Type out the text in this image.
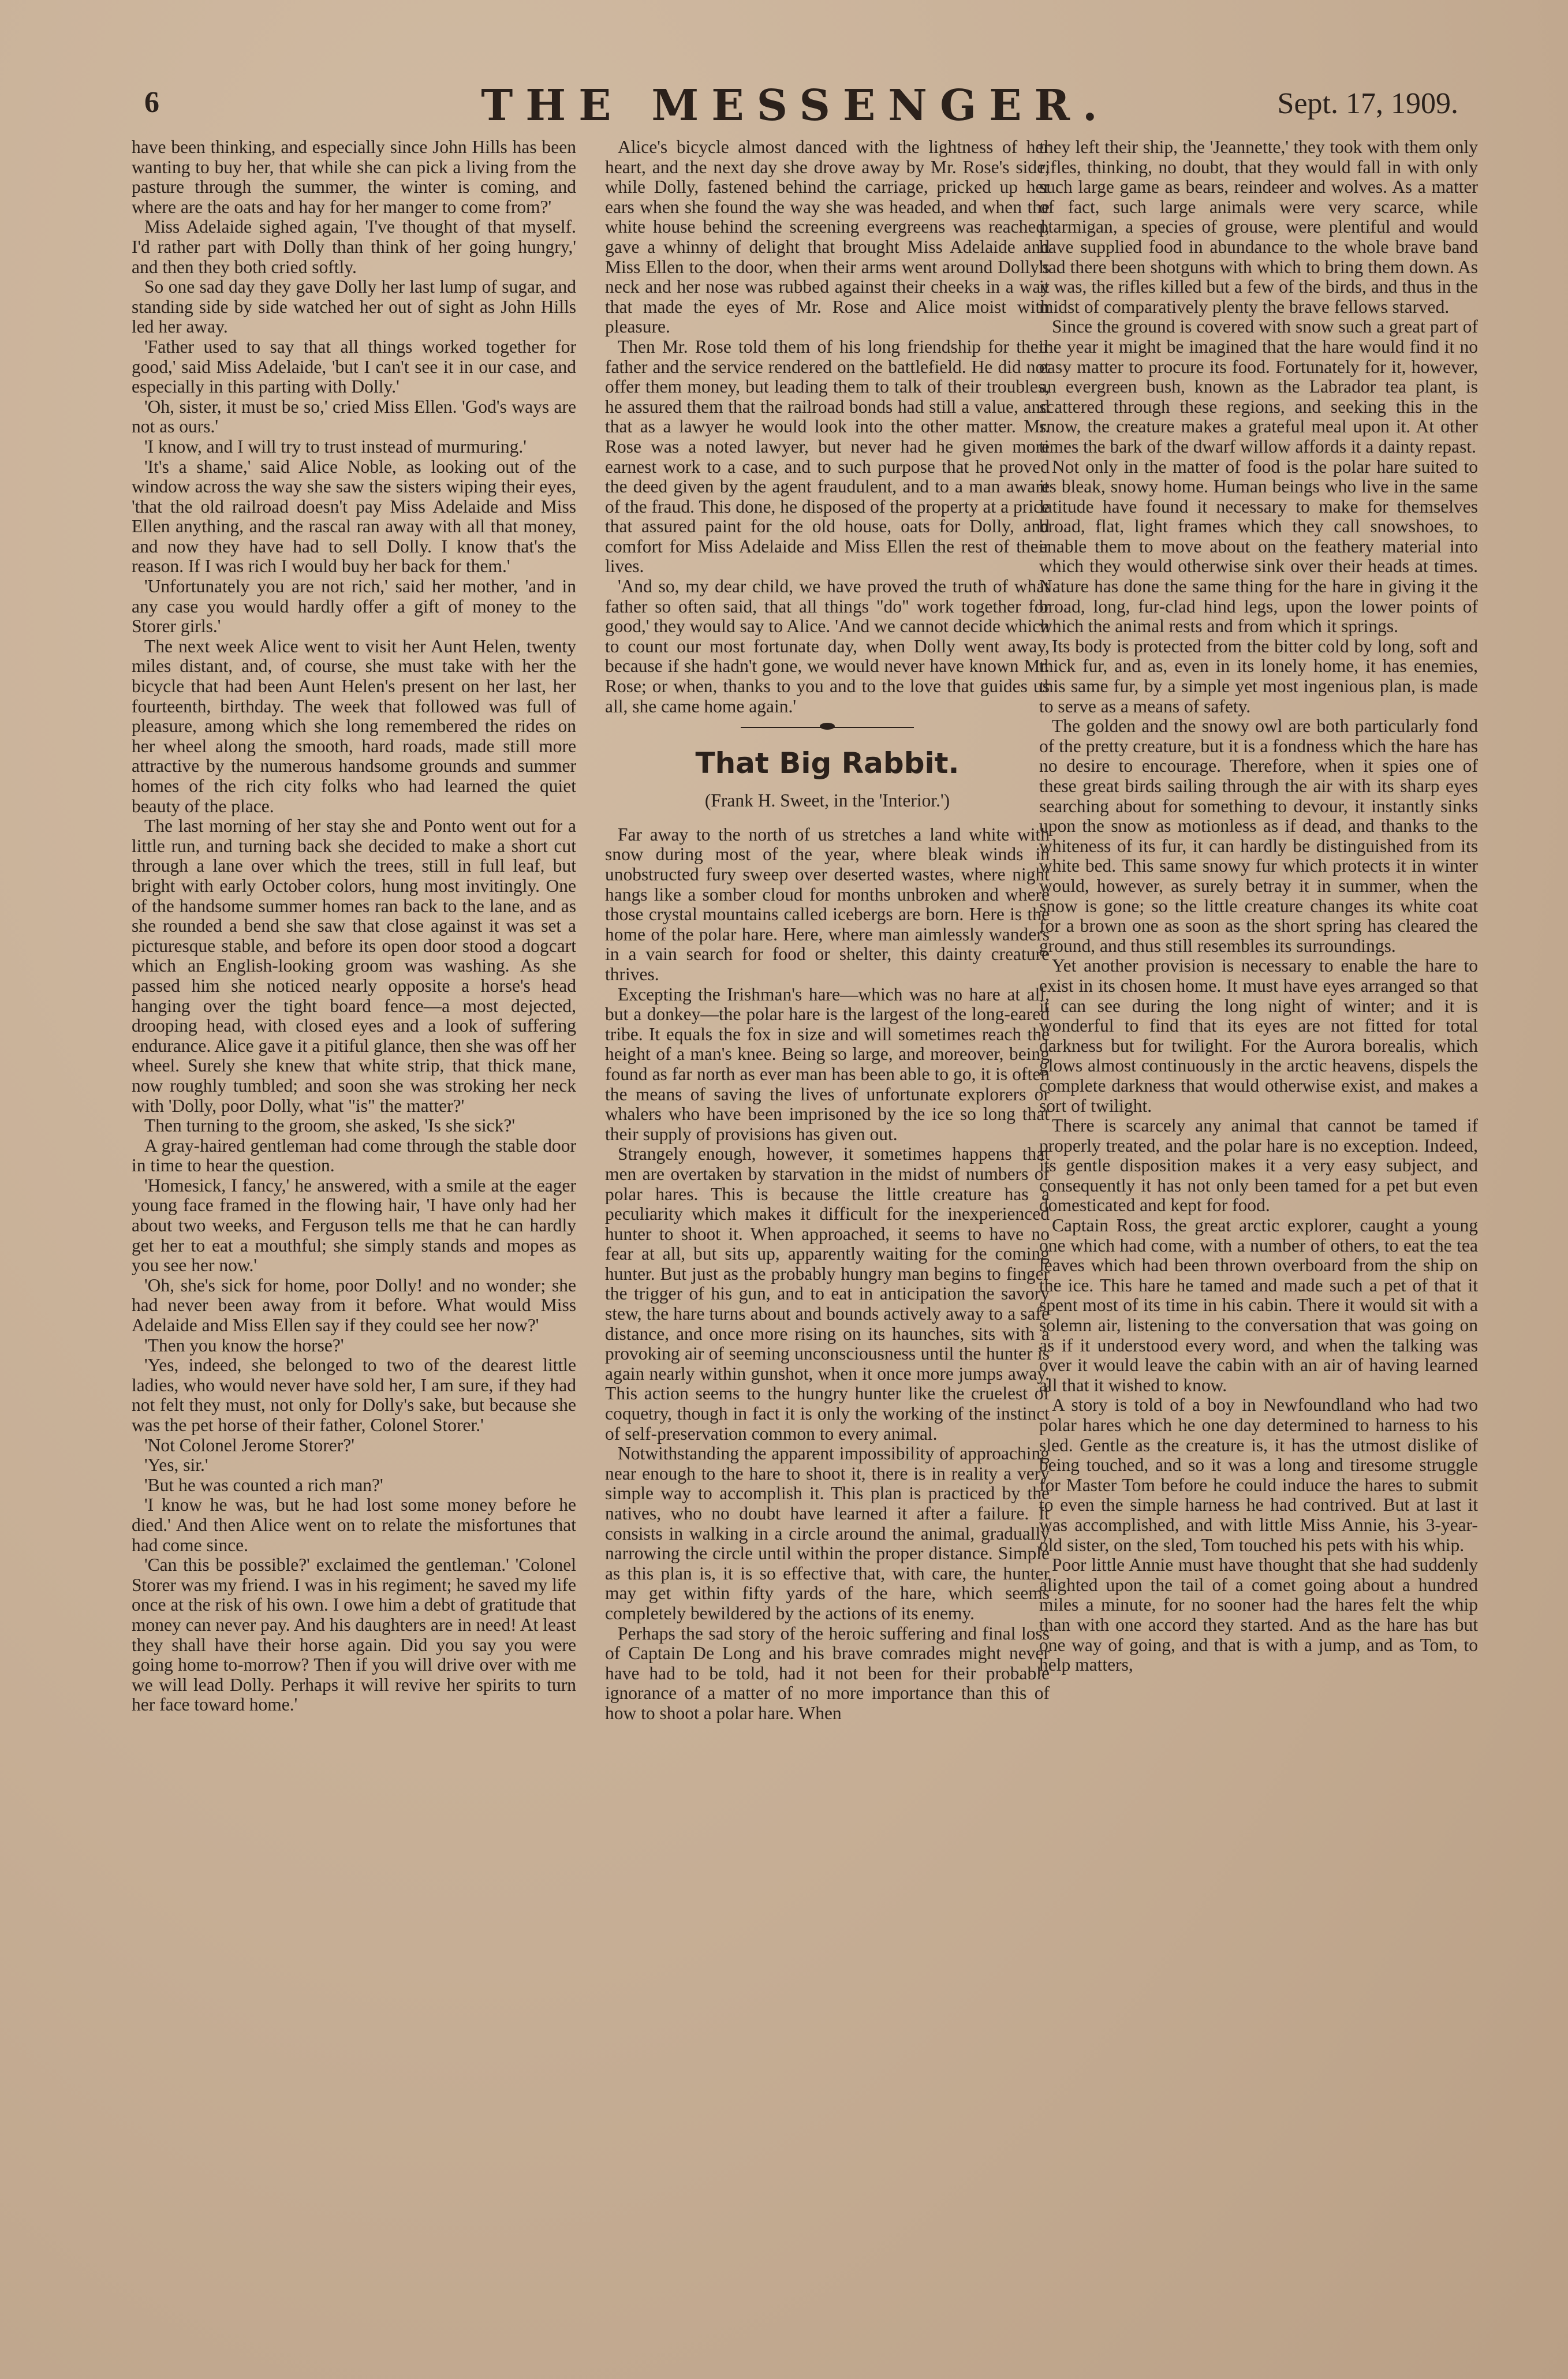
6	THE MESSENGER.	Sept. 17, 1909.

have been thinking, and especially since John Hills has been wanting to buy her, that while she can pick a living from the pasture through the summer, the winter is coming, and where are the oats and hay for her manger to come from?'

Miss Adelaide sighed again, 'I've thought of that myself. I'd rather part with Dolly than think of her going hungry,' and then they both cried softly.

So one sad day they gave Dolly her last lump of sugar, and standing side by side watched her out of sight as John Hills led her away.

'Father used to say that all things worked together for good,' said Miss Adelaide, 'but I can't see it in our case, and especially in this parting with Dolly.'

'Oh, sister, it must be so,' cried Miss Ellen. 'God's ways are not as ours.'

'I know, and I will try to trust instead of murmuring.'

'It's a shame,' said Alice Noble, as looking out of the window across the way she saw the sisters wiping their eyes, 'that the old railroad doesn't pay Miss Adelaide and Miss Ellen anything, and the rascal ran away with all that money, and now they have had to sell Dolly. I know that's the reason. If I was rich I would buy her back for them.'

'Unfortunately you are not rich,' said her mother, 'and in any case you would hardly offer a gift of money to the Storer girls.'

The next week Alice went to visit her Aunt Helen, twenty miles distant, and, of course, she must take with her the bicycle that had been Aunt Helen's present on her last, her fourteenth, birthday. The week that followed was full of pleasure, among which she long remembered the rides on her wheel along the smooth, hard roads, made still more attractive by the numerous handsome grounds and summer homes of the rich city folks who had learned the quiet beauty of the place.

The last morning of her stay she and Ponto went out for a little run, and turning back she decided to make a short cut through a lane over which the trees, still in full leaf, but bright with early October colors, hung most invitingly. One of the handsome summer homes ran back to the lane, and as she rounded a bend she saw that close against it was set a picturesque stable, and before its open door stood a dogcart which an English-looking groom was washing. As she passed him she noticed nearly opposite a horse's head hanging over the tight board fence—a most dejected, drooping head, with closed eyes and a look of suffering endurance. Alice gave it a pitiful glance, then she was off her wheel. Surely she knew that white strip, that thick mane, now roughly tumbled; and soon she was stroking her neck with 'Dolly, poor Dolly, what "is" the matter?'

Then turning to the groom, she asked, 'Is she sick?'

A gray-haired gentleman had come through the stable door in time to hear the question.

'Homesick, I fancy,' he answered, with a smile at the eager young face framed in the flowing hair, 'I have only had her about two weeks, and Ferguson tells me that he can hardly get her to eat a mouthful; she simply stands and mopes as you see her now.'

'Oh, she's sick for home, poor Dolly! and no wonder; she had never been away from it before. What would Miss Adelaide and Miss Ellen say if they could see her now?'

'Then you know the horse?'

'Yes, indeed, she belonged to two of the dearest little ladies, who would never have sold her, I am sure, if they had not felt they must, not only for Dolly's sake, but because she was the pet horse of their father, Colonel Storer.'

'Not Colonel Jerome Storer?'

'Yes, sir.'

'But he was counted a rich man?'

'I know he was, but he had lost some money before he died.' And then Alice went on to relate the misfortunes that had come since.

'Can this be possible?' exclaimed the gentleman.' 'Colonel Storer was my friend. I was in his regiment; he saved my life once at the risk of his own. I owe him a debt of gratitude that money can never pay. And his daughters are in need! At least they shall have their horse again. Did you say you were going home to-morrow? Then if you will drive over with me we will lead Dolly. Perhaps it will revive her spirits to turn her face toward home.'

Alice's bicycle almost danced with the lightness of her heart, and the next day she drove away by Mr. Rose's side, while Dolly, fastened behind the carriage, pricked up her ears when she found the way she was headed, and when the white house behind the screening evergreens was reached, gave a whinny of delight that brought Miss Adelaide and Miss Ellen to the door, when their arms went around Dolly's neck and her nose was rubbed against their cheeks in a way that made the eyes of Mr. Rose and Alice moist with pleasure.

Then Mr. Rose told them of his long friendship for their father and the service rendered on the battlefield. He did not offer them money, but leading them to talk of their troubles, he assured them that the railroad bonds had still a value, and that as a lawyer he would look into the other matter. Mr. Rose was a noted lawyer, but never had he given more earnest work to a case, and to such purpose that he proved the deed given by the agent fraudulent, and to a man aware of the fraud. This done, he disposed of the property at a price that assured paint for the old house, oats for Dolly, and comfort for Miss Adelaide and Miss Ellen the rest of their lives.

'And so, my dear child, we have proved the truth of what father so often said, that all things "do" work together for good,' they would say to Alice. 'And we cannot decide which to count our most fortunate day, when Dolly went away, because if she hadn't gone, we would never have known Mr. Rose; or when, thanks to you and to the love that guides us all, she came home again.'

That Big Rabbit.
(Frank H. Sweet, in the 'Interior.')

Far away to the north of us stretches a land white with snow during most of the year, where bleak winds in unobstructed fury sweep over deserted wastes, where night hangs like a somber cloud for months unbroken and where those crystal mountains called icebergs are born. Here is the home of the polar hare. Here, where man aimlessly wanders in a vain search for food or shelter, this dainty creature thrives.

Excepting the Irishman's hare—which was no hare at all, but a donkey—the polar hare is the largest of the long-eared tribe. It equals the fox in size and will sometimes reach the height of a man's knee. Being so large, and moreover, being found as far north as ever man has been able to go, it is often the means of saving the lives of unfortunate explorers or whalers who have been imprisoned by the ice so long that their supply of provisions has given out.

Strangely enough, however, it sometimes happens that men are overtaken by starvation in the midst of numbers of polar hares. This is because the little creature has a peculiarity which makes it difficult for the inexperienced hunter to shoot it. When approached, it seems to have no fear at all, but sits up, apparently waiting for the coming hunter. But just as the probably hungry man begins to finger the trigger of his gun, and to eat in anticipation the savory stew, the hare turns about and bounds actively away to a safe distance, and once more rising on its haunches, sits with a provoking air of seeming unconsciousness until the hunter is again nearly within gunshot, when it once more jumps away. This action seems to the hungry hunter like the cruelest of coquetry, though in fact it is only the working of the instinct of self-preservation common to every animal.

Notwithstanding the apparent impossibility of approaching near enough to the hare to shoot it, there is in reality a very simple way to accomplish it. This plan is practiced by the natives, who no doubt have learned it after a failure. It consists in walking in a circle around the animal, gradually narrowing the circle until within the proper distance. Simple as this plan is, it is so effective that, with care, the hunter may get within fifty yards of the hare, which seems completely bewildered by the actions of its enemy.

Perhaps the sad story of the heroic suffering and final loss of Captain De Long and his brave comrades might never have had to be told, had it not been for their probable ignorance of a matter of no more importance than this of how to shoot a polar hare. When

they left their ship, the 'Jeannette,' they took with them only rifles, thinking, no doubt, that they would fall in with only such large game as bears, reindeer and wolves. As a matter of fact, such large animals were very scarce, while ptarmigan, a species of grouse, were plentiful and would have supplied food in abundance to the whole brave band had there been shotguns with which to bring them down. As it was, the rifles killed but a few of the birds, and thus in the midst of comparatively plenty the brave fellows starved.

Since the ground is covered with snow such a great part of the year it might be imagined that the hare would find it no easy matter to procure its food. Fortunately for it, however, an evergreen bush, known as the Labrador tea plant, is scattered through these regions, and seeking this in the snow, the creature makes a grateful meal upon it. At other times the bark of the dwarf willow affords it a dainty repast.

Not only in the matter of food is the polar hare suited to its bleak, snowy home. Human beings who live in the same latitude have found it necessary to make for themselves broad, flat, light frames which they call snowshoes, to enable them to move about on the feathery material into which they would otherwise sink over their heads at times. Nature has done the same thing for the hare in giving it the broad, long, fur-clad hind legs, upon the lower points of which the animal rests and from which it springs.

Its body is protected from the bitter cold by long, soft and thick fur, and as, even in its lonely home, it has enemies, this same fur, by a simple yet most ingenious plan, is made to serve as a means of safety.

The golden and the snowy owl are both particularly fond of the pretty creature, but it is a fondness which the hare has no desire to encourage. Therefore, when it spies one of these great birds sailing through the air with its sharp eyes searching about for something to devour, it instantly sinks upon the snow as motionless as if dead, and thanks to the whiteness of its fur, it can hardly be distinguished from its white bed. This same snowy fur which protects it in winter would, however, as surely betray it in summer, when the snow is gone; so the little creature changes its white coat for a brown one as soon as the short spring has cleared the ground, and thus still resembles its surroundings.

Yet another provision is necessary to enable the hare to exist in its chosen home. It must have eyes arranged so that it can see during the long night of winter; and it is wonderful to find that its eyes are not fitted for total darkness but for twilight. For the Aurora borealis, which glows almost continuously in the arctic heavens, dispels the complete darkness that would otherwise exist, and makes a sort of twilight.

There is scarcely any animal that cannot be tamed if properly treated, and the polar hare is no exception. Indeed, its gentle disposition makes it a very easy subject, and consequently it has not only been tamed for a pet but even domesticated and kept for food.

Captain Ross, the great arctic explorer, caught a young one which had come, with a number of others, to eat the tea leaves which had been thrown overboard from the ship on the ice. This hare he tamed and made such a pet of that it spent most of its time in his cabin. There it would sit with a solemn air, listening to the conversation that was going on as if it understood every word, and when the talking was over it would leave the cabin with an air of having learned all that it wished to know.

A story is told of a boy in Newfoundland who had two polar hares which he one day determined to harness to his sled. Gentle as the creature is, it has the utmost dislike of being touched, and so it was a long and tiresome struggle for Master Tom before he could induce the hares to submit to even the simple harness he had contrived. But at last it was accomplished, and with little Miss Annie, his 3-year-old sister, on the sled, Tom touched his pets with his whip.

Poor little Annie must have thought that she had suddenly alighted upon the tail of a comet going about a hundred miles a minute, for no sooner had the hares felt the whip than with one accord they started. And as the hare has but one way of going, and that is with a jump, and as Tom, to help matters,
